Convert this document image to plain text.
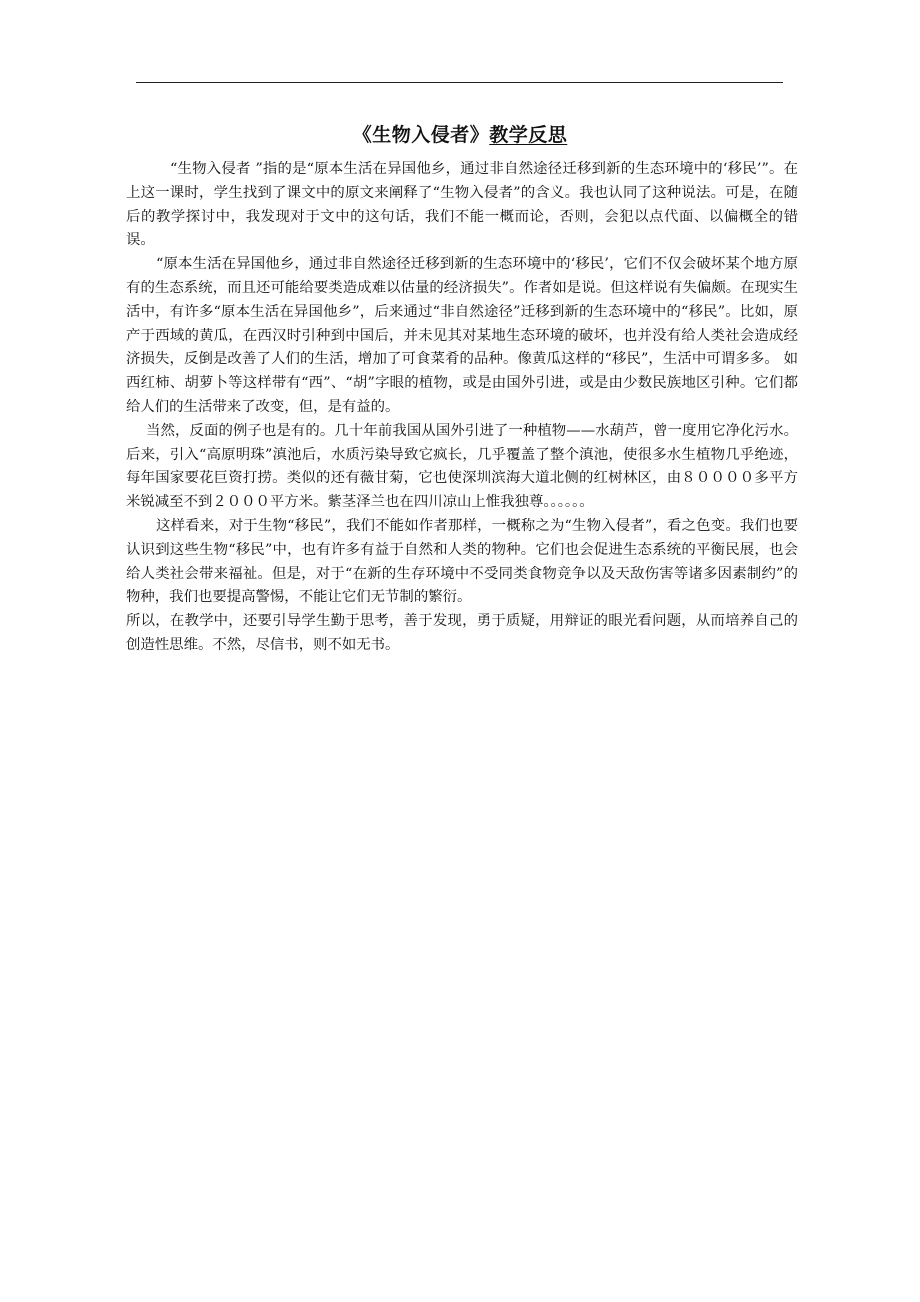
《生物入侵者》教学反思

“生物入侵者 ”指的是“原本生活在异国他乡，通过非自然途径迁移到新的生态环境中的‘移民’”。在上这一课时，学生找到了课文中的原文来阐释了“生物入侵者”的含义。我也认同了这种说法。可是，在随后的教学探讨中，我发现对于文中的这句话，我们不能一概而论，否则，会犯以点代面、以偏概全的错误。

“原本生活在异国他乡，通过非自然途径迁移到新的生态环境中的‘移民’，它们不仅会破坏某个地方原有的生态系统，而且还可能给要类造成难以估量的经济损失”。作者如是说。但这样说有失偏颇。在现实生活中，有许多“原本生活在异国他乡”，后来通过“非自然途径”迁移到新的生态环境中的“移民”。比如，原产于西域的黄瓜，在西汉时引种到中国后，并未见其对某地生态环境的破坏，也并没有给人类社会造成经济损失，反倒是改善了人们的生活，增加了可食菜肴的品种。像黄瓜这样的“移民”，生活中可谓多多。 如西红柿、胡萝卜等这样带有“西”、“胡”字眼的植物，或是由国外引进，或是由少数民族地区引种。它们都给人们的生活带来了改变，但，是有益的。

当然，反面的例子也是有的。几十年前我国从国外引进了一种植物——水葫芦，曾一度用它净化污水。后来，引入“高原明珠”滇池后，水质污染导致它疯长，几乎覆盖了整个滇池，使很多水生植物几乎绝迹，每年国家要花巨资打捞。类似的还有薇甘菊，它也使深圳滨海大道北侧的红树林区，由８００００多平方米锐减至不到２０００平方米。紫茎泽兰也在四川凉山上惟我独尊。。。。。。

这样看来，对于生物“移民”，我们不能如作者那样，一概称之为“生物入侵者”，看之色变。我们也要认识到这些生物“移民”中，也有许多有益于自然和人类的物种。它们也会促进生态系统的平衡民展，也会给人类社会带来福祉。但是，对于“在新的生存环境中不受同类食物竞争以及天敌伤害等诸多因素制约”的物种，我们也要提高警惕，不能让它们无节制的繁衍。

所以，在教学中，还要引导学生勤于思考，善于发现，勇于质疑，用辩证的眼光看问题，从而培养自己的创造性思维。不然，尽信书，则不如无书。
